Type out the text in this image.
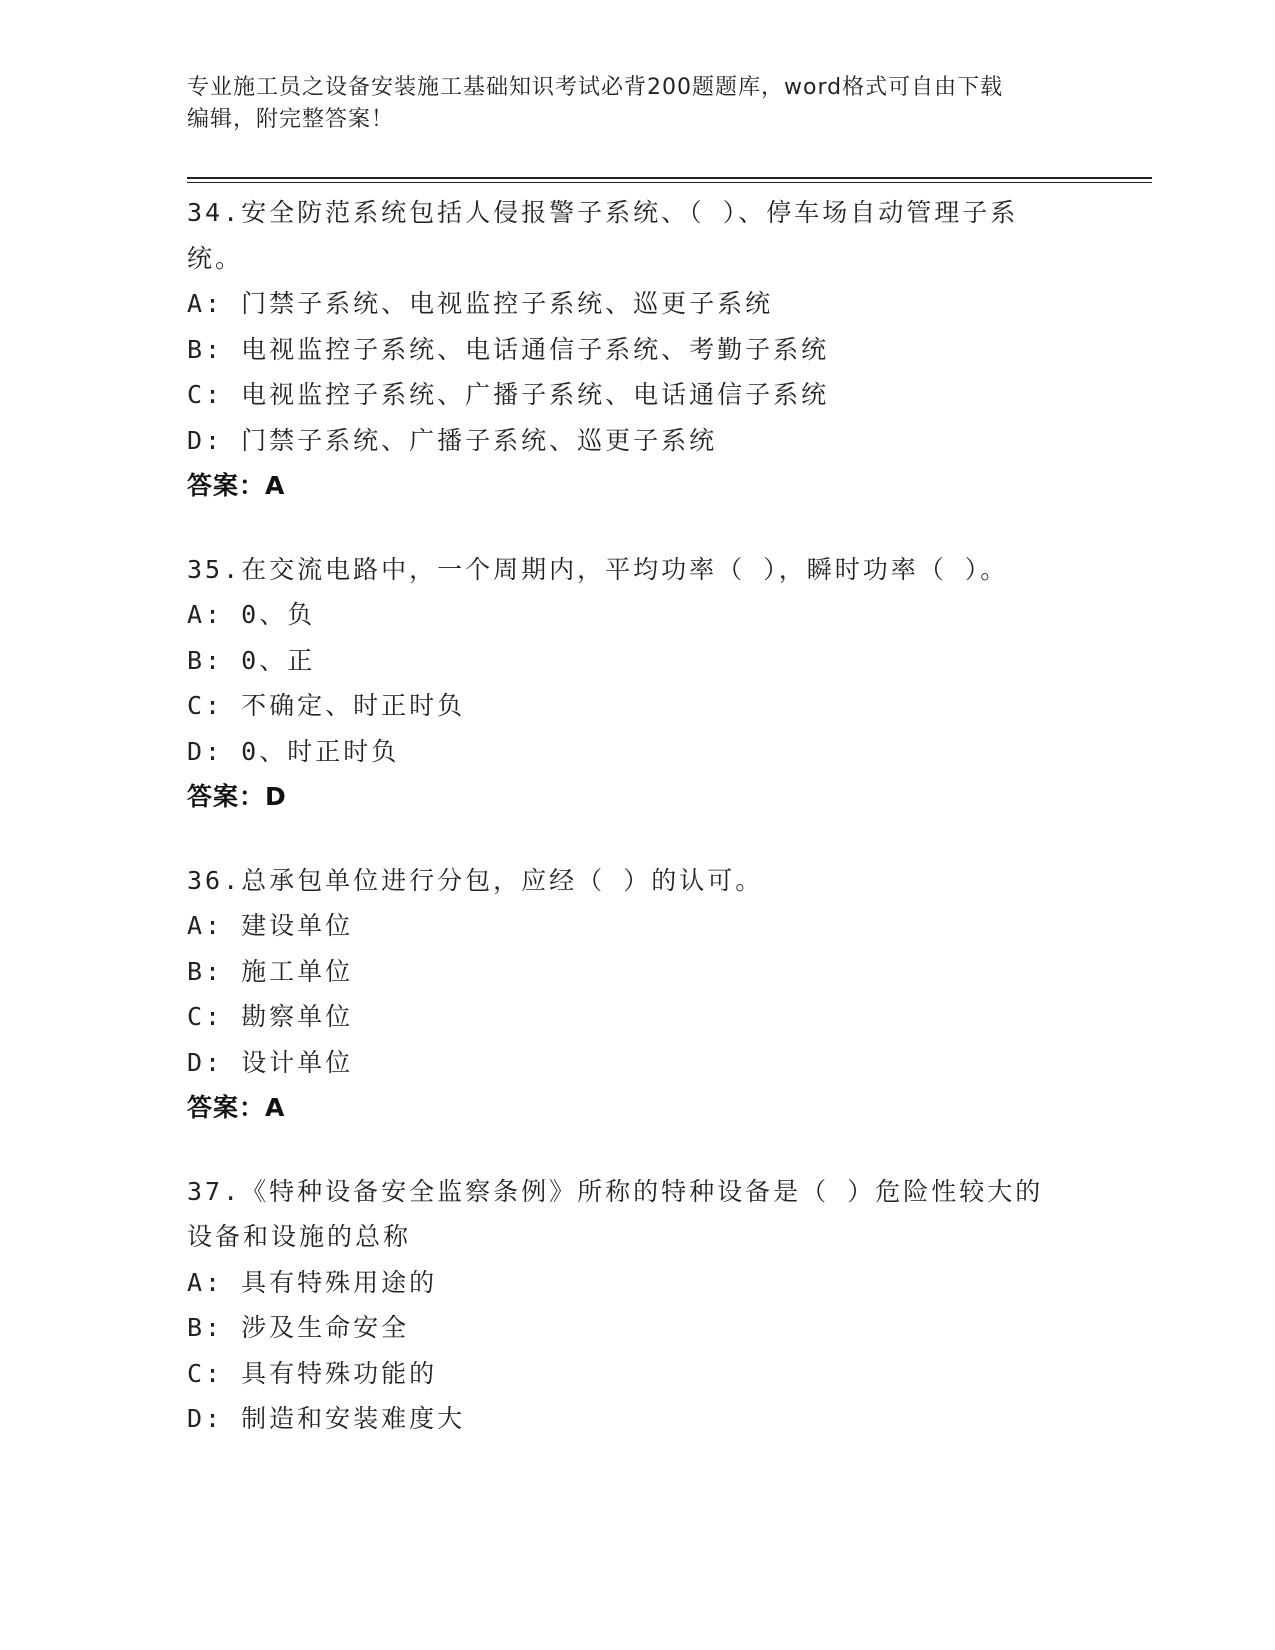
专业施工员之设备安装施工基础知识考试必背200题题库，word格式可自由下载
编辑，附完整答案！
34.安全防范系统包括人侵报警子系统、（ ）、停车场自动管理子系
统。
A: 门禁子系统、电视监控子系统、巡更子系统
B: 电视监控子系统、电话通信子系统、考勤子系统
C: 电视监控子系统、广播子系统、电话通信子系统
D: 门禁子系统、广播子系统、巡更子系统
答案：A
35.在交流电路中，一个周期内，平均功率（ ），瞬时功率（ ）。
A: 0、负
B: 0、正
C: 不确定、时正时负
D: 0、时正时负
答案：D
36.总承包单位进行分包，应经（ ）的认可。
A: 建设单位
B: 施工单位
C: 勘察单位
D: 设计单位
答案：A
37.《特种设备安全监察条例》所称的特种设备是（ ）危险性较大的
设备和设施的总称
A: 具有特殊用途的
B: 涉及生命安全
C: 具有特殊功能的
D: 制造和安装难度大
